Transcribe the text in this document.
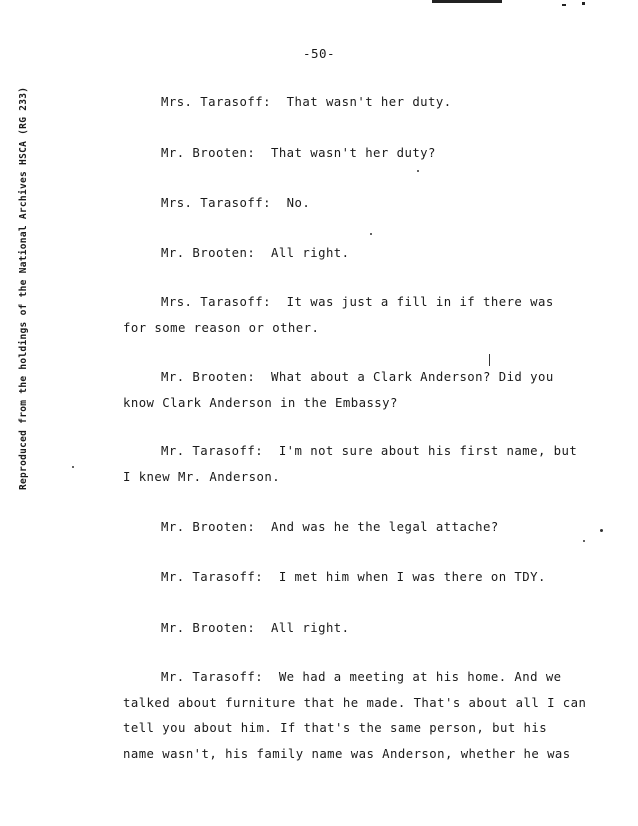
-50-
Reproduced from the holdings of the National Archives HSCA (RG 233)	Mrs. Tarasoff: That wasn't her duty.
Mr. Brooten: That wasn't her duty?
Mrs. Tarasoff: No.
Mr. Brooten: All right.
Mrs. Tarasoff: It was just a fill in if there was
for some reason or other.
Mr. Brooten: What about a Clark Anderson? Did you
know Clark Anderson in the Embassy?
Mr. Tarasoff: I'm not sure about his first name, but
I knew Mr. Anderson.
Mr. Brooten: And was he the legal attache?
Mr. Tarasoff: I met him when I was there on TDY.
Mr. Brooten: All right.
Mr. Tarasoff: We had a meeting at his home. And we
talked about furniture that he made. That's about all I can
tell you about him. If that's the same person, but his
name wasn't, his family name was Anderson, whether he was
